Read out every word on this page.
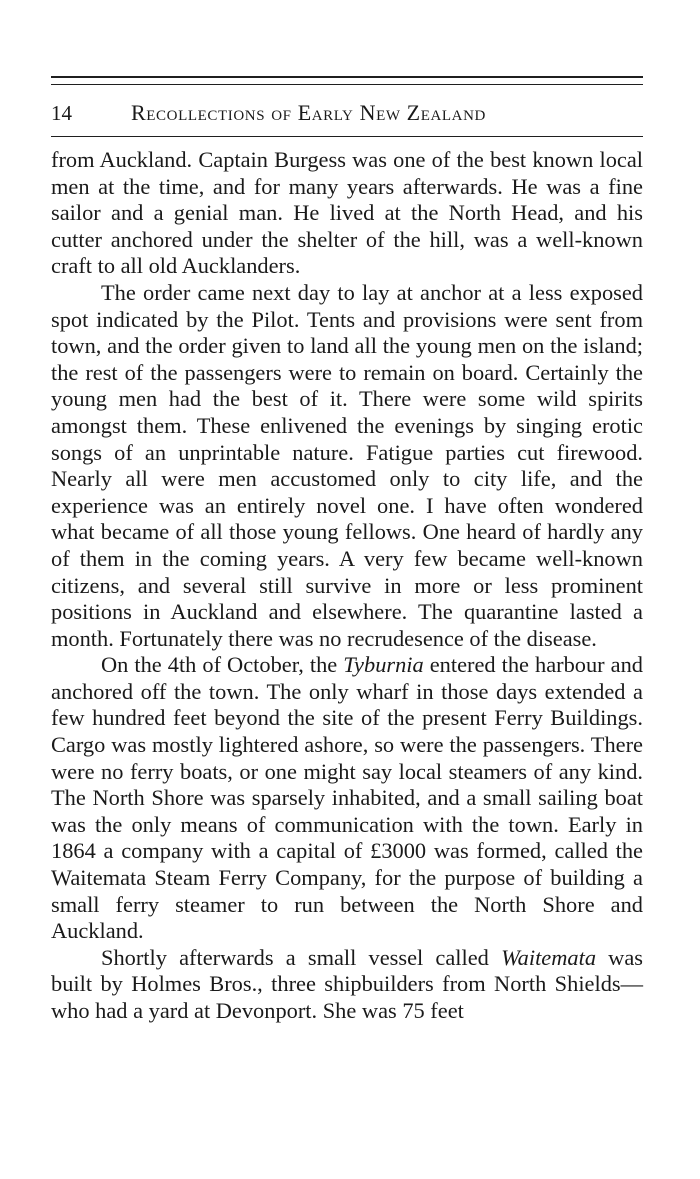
14	Recollections of Early New Zealand

from Auckland. Captain Burgess was one of the best known local men at the time, and for many years afterwards. He was a fine sailor and a genial man. He lived at the North Head, and his cutter anchored under the shelter of the hill, was a well-known craft to all old Aucklanders.

The order came next day to lay at anchor at a less exposed spot indicated by the Pilot. Tents and provisions were sent from town, and the order given to land all the young men on the island; the rest of the passengers were to remain on board. Certainly the young men had the best of it. There were some wild spirits amongst them. These enlivened the evenings by singing erotic songs of an unprintable nature. Fatigue parties cut firewood. Nearly all were men accustomed only to city life, and the experience was an entirely novel one. I have often wondered what became of all those young fellows. One heard of hardly any of them in the coming years. A very few became well-known citizens, and several still survive in more or less prominent positions in Auckland and elsewhere. The quarantine lasted a month. Fortunately there was no recrudesence of the disease.

On the 4th of October, the Tyburnia entered the harbour and anchored off the town. The only wharf in those days extended a few hundred feet beyond the site of the present Ferry Buildings. Cargo was mostly lightered ashore, so were the passengers. There were no ferry boats, or one might say local steamers of any kind. The North Shore was sparsely inhabited, and a small sailing boat was the only means of communication with the town. Early in 1864 a company with a capital of £3000 was formed, called the Waitemata Steam Ferry Company, for the purpose of building a small ferry steamer to run between the North Shore and Auckland.

Shortly afterwards a small vessel called Waitemata was built by Holmes Bros., three shipbuilders from North Shields—who had a yard at Devonport. She was 75 feet
